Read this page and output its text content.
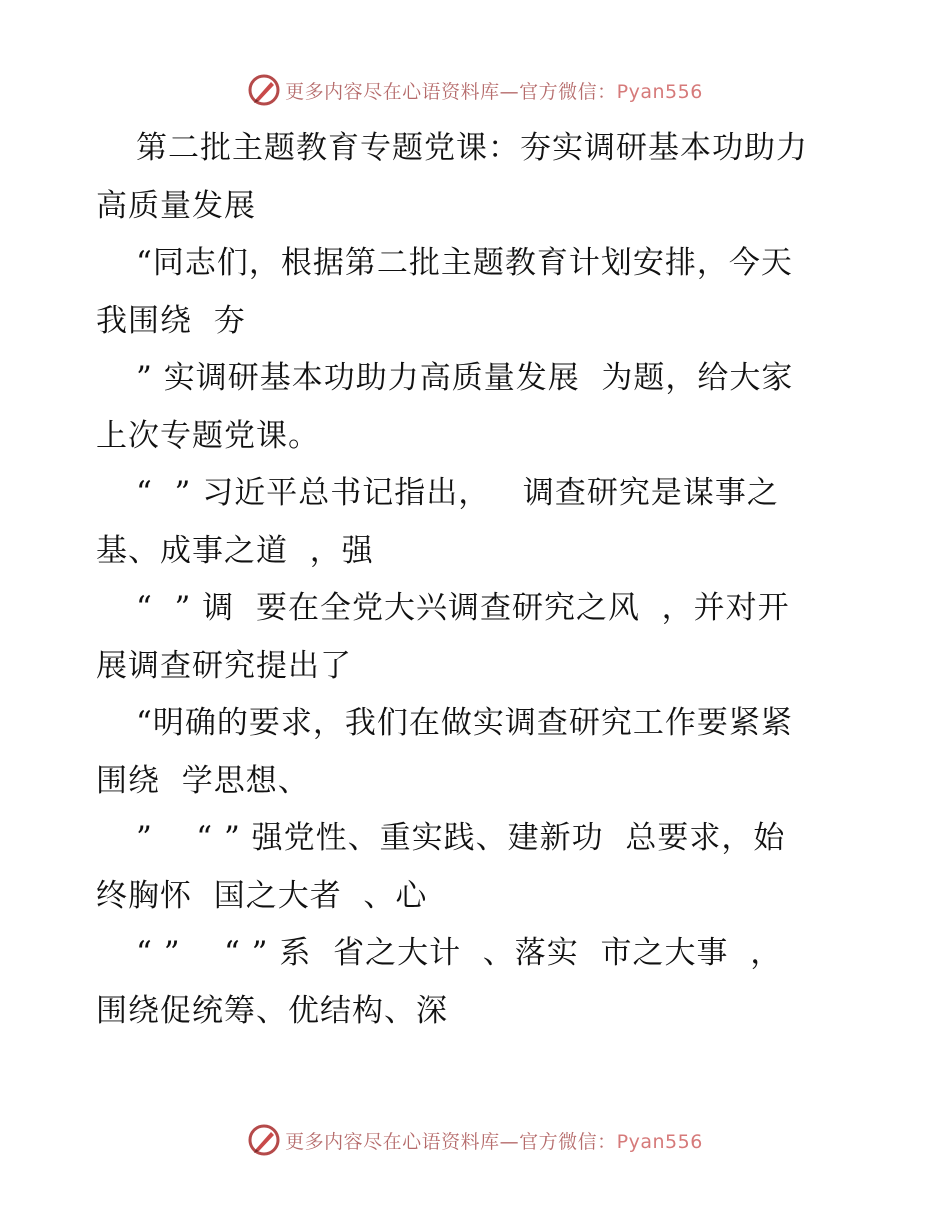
更多内容尽在心语资料库—官方微信：Pyan556
第二批主题教育专题党课：夯实调研基本功助力
高质量发展
“同志们，根据第二批主题教育计划安排，今天
我围绕  夯
” 实调研基本功助力高质量发展  为题，给大家
上次专题党课。
“  ” 习近平总书记指出，   调查研究是谋事之
基、成事之道  ，强
“  ” 调  要在全党大兴调查研究之风  ，并对开
展调查研究提出了
“明确的要求，我们在做实调查研究工作要紧紧
围绕  学思想、
”    “ ” 强党性、重实践、建新功  总要求，始
终胸怀  国之大者  、心
“ ”    “ ” 系  省之大计  、落实  市之大事  ，
围绕促统筹、优结构、深
更多内容尽在心语资料库—官方微信：Pyan556
